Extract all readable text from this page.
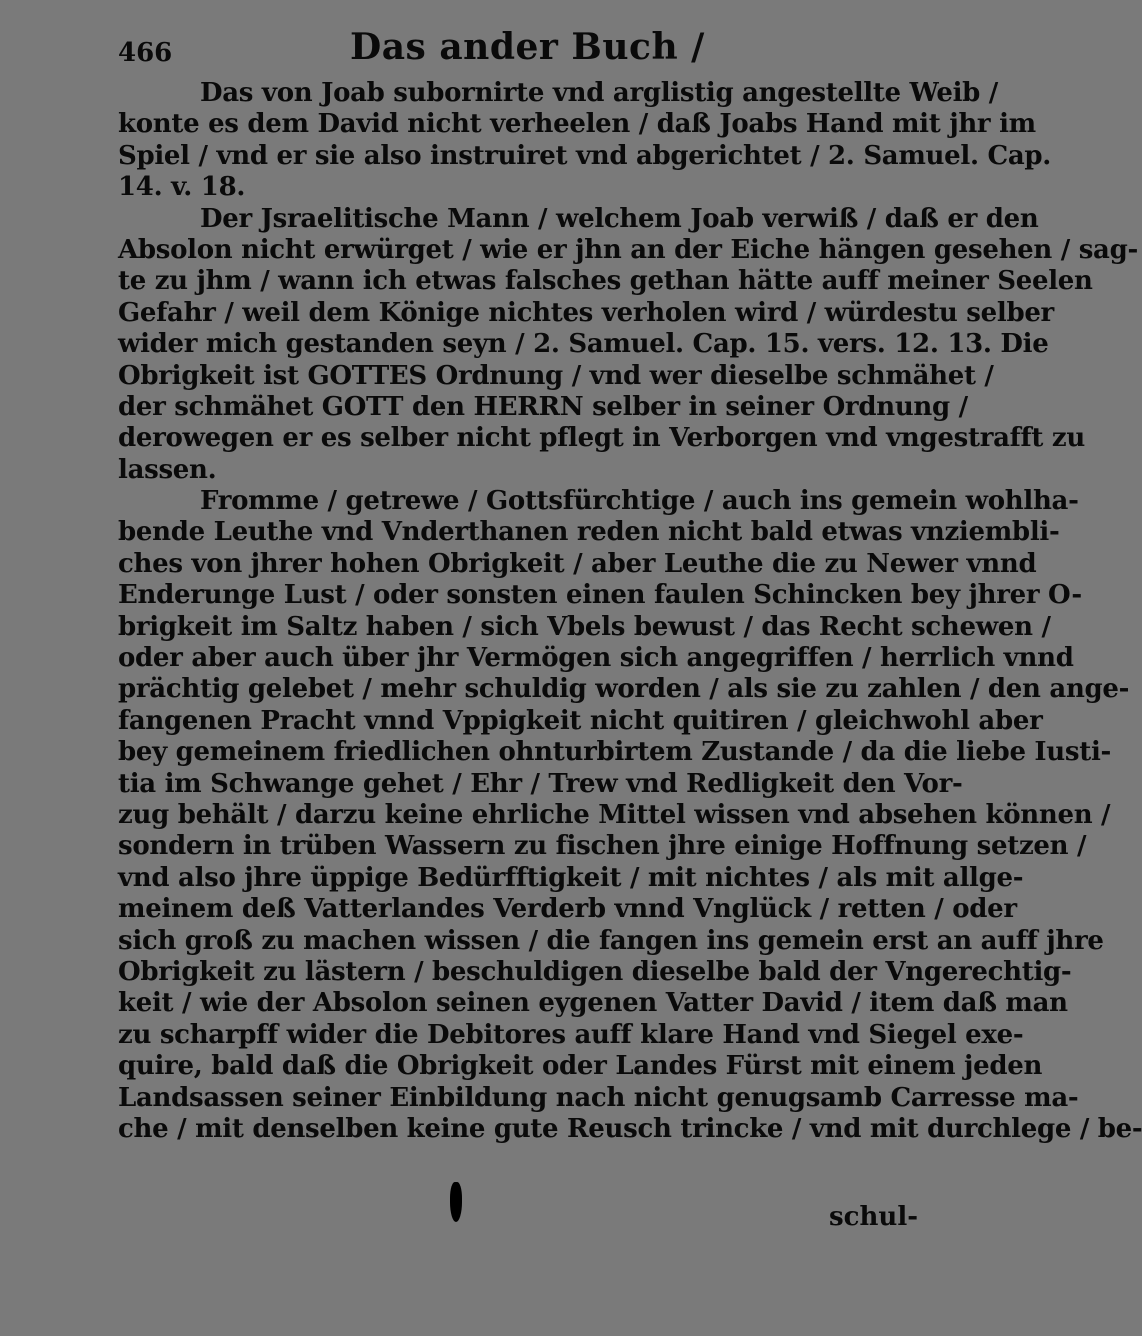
466	Das ander Buch /
Das von Joab subornirte vnd arglistig angestellte Weib /
konte es dem David nicht verheelen / daß Joabs Hand mit jhr im
Spiel / vnd er sie also instruiret vnd abgerichtet / 2. Samuel. Cap.
14. v. 18.
Der Jsraelitische Mann / welchem Joab verwiß / daß er den
Absolon nicht erwürget / wie er jhn an der Eiche hängen gesehen / sag-
te zu jhm / wann ich etwas falsches gethan hätte auff meiner Seelen
Gefahr / weil dem Könige nichtes verholen wird / würdestu selber
wider mich gestanden seyn / 2. Samuel. Cap. 15. vers. 12. 13. Die
Obrigkeit ist GOTTES Ordnung / vnd wer dieselbe schmähet /
der schmähet GOTT den HERRN selber in seiner Ordnung /
derowegen er es selber nicht pflegt in Verborgen vnd vngestrafft zu
lassen.
Fromme / getrewe / Gottsfürchtige / auch ins gemein wohlha-
bende Leuthe vnd Vnderthanen reden nicht bald etwas vnziembli-
ches von jhrer hohen Obrigkeit / aber Leuthe die zu Newer vnnd
Enderunge Lust / oder sonsten einen faulen Schincken bey jhrer O-
brigkeit im Saltz haben / sich Vbels bewust / das Recht schewen /
oder aber auch über jhr Vermögen sich angegriffen / herrlich vnnd
prächtig gelebet / mehr schuldig worden / als sie zu zahlen / den ange-
fangenen Pracht vnnd Vppigkeit nicht quitiren / gleichwohl aber
bey gemeinem friedlichen ohnturbirtem Zustande / da die liebe Iusti-
tia im Schwange gehet / Ehr / Trew vnd Redligkeit den Vor-
zug behält / darzu keine ehrliche Mittel wissen vnd absehen können /
sondern in trüben Wassern zu fischen jhre einige Hoffnung setzen /
vnd also jhre üppige Bedürfftigkeit / mit nichtes / als mit allge-
meinem deß Vatterlandes Verderb vnnd Vnglück / retten / oder
sich groß zu machen wissen / die fangen ins gemein erst an auff jhre
Obrigkeit zu lästern / beschuldigen dieselbe bald der Vngerechtig-
keit / wie der Absolon seinen eygenen Vatter David / item daß man
zu scharpff wider die Debitores auff klare Hand vnd Siegel exe-
quire, bald daß die Obrigkeit oder Landes Fürst mit einem jeden
Landsassen seiner Einbildung nach nicht genugsamb Carresse ma-
che / mit denselben keine gute Reusch trincke / vnd mit durchlege / be-
schul-
